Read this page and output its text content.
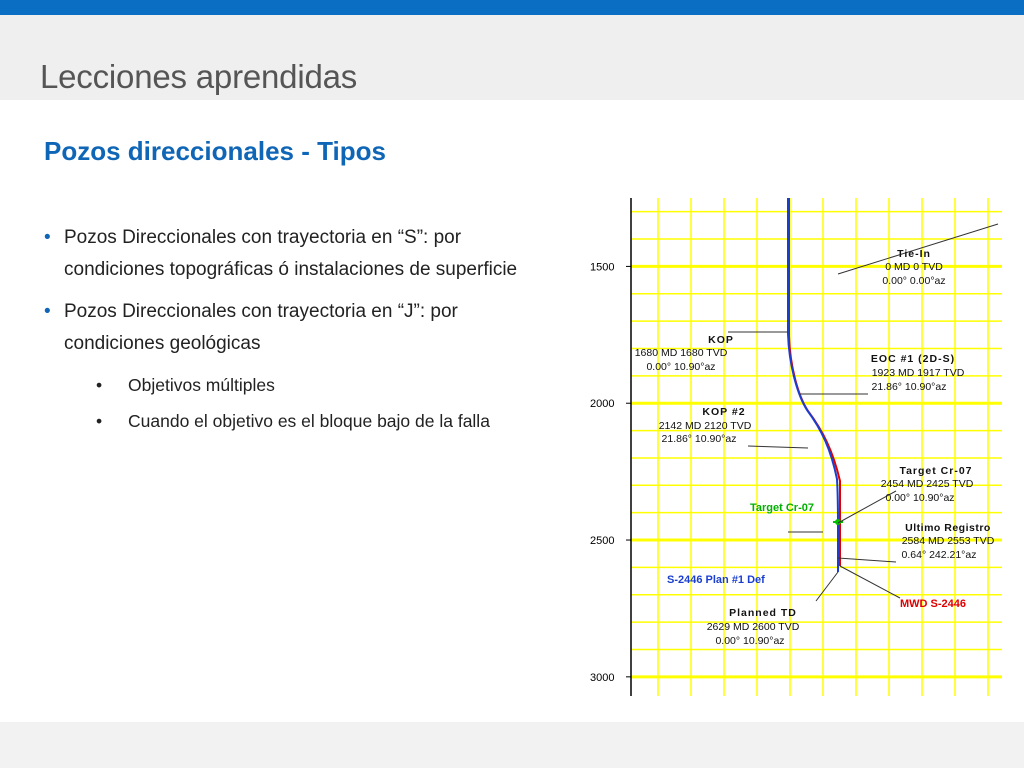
Lecciones aprendidas
Pozos direccionales - Tipos
• Pozos Direccionales con trayectoria en “S”: por condiciones topográficas ó instalaciones de superficie
• Pozos Direccionales con trayectoria en “J”: por condiciones geológicas
• Objetivos múltiples
• Cuando el objetivo es el bloque bajo de la falla
1500
2000
2500
3000
Tie-In
0 MD 0 TVD
0.00° 0.00°az
KOP
1680 MD 1680 TVD
0.00° 10.90°az
EOC #1 (2D-S)
1923 MD 1917 TVD
21.86° 10.90°az
KOP #2
2142 MD 2120 TVD
21.86° 10.90°az
Target Cr-07
2454 MD 2425 TVD
0.00° 10.90°az
Ultimo Registro
2584 MD 2553 TVD
0.64° 242.21°az
Planned TD
2629 MD 2600 TVD
0.00° 10.90°az
Target Cr-07
S-2446 Plan #1 Def
MWD S-2446
